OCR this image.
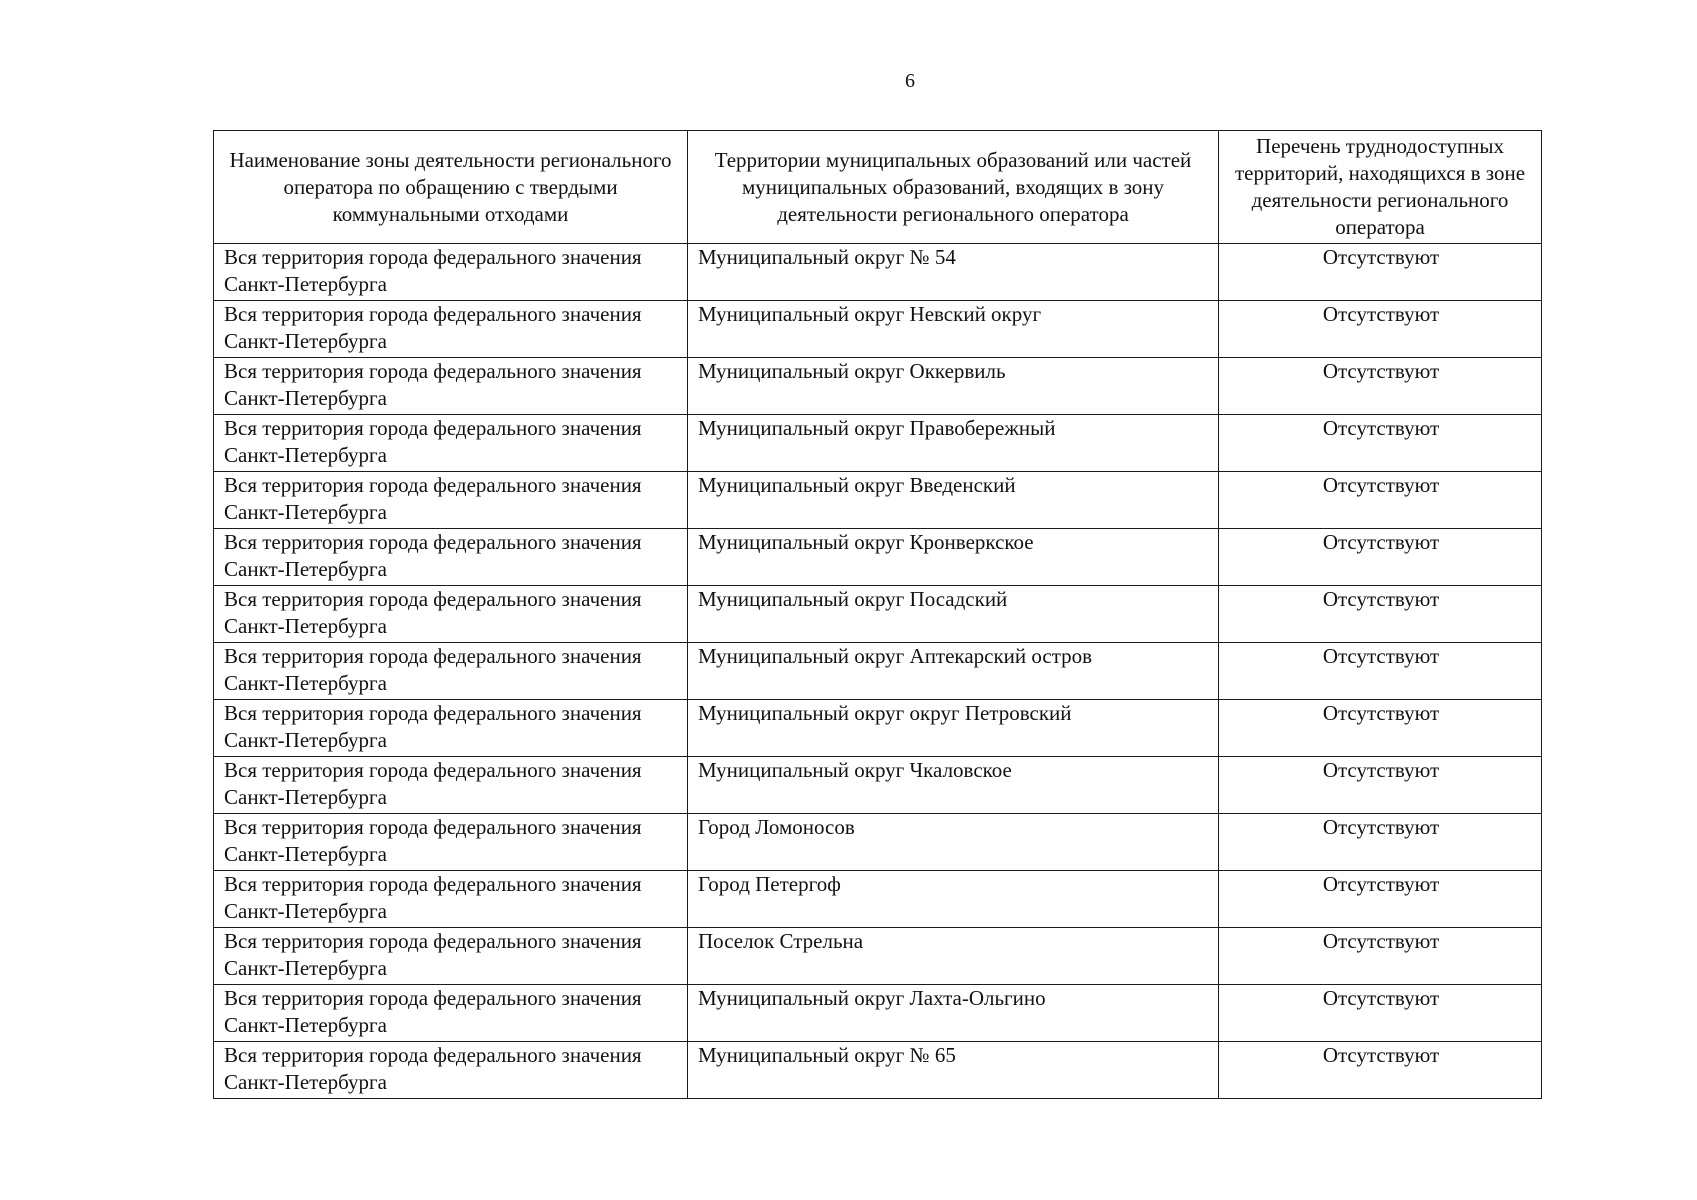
6
Наименование зоны деятельности регионального оператора по обращению с твердыми коммунальными отходами	Территории муниципальных образований или частей муниципальных образований, входящих в зону деятельности регионального оператора	Перечень труднодоступных территорий, находящихся в зоне деятельности регионального оператора
Вся территория города федерального значения Санкт-Петербурга	Муниципальный округ № 54	Отсутствуют
Вся территория города федерального значения Санкт-Петербурга	Муниципальный округ Невский округ	Отсутствуют
Вся территория города федерального значения Санкт-Петербурга	Муниципальный округ Оккервиль	Отсутствуют
Вся территория города федерального значения Санкт-Петербурга	Муниципальный округ Правобережный	Отсутствуют
Вся территория города федерального значения Санкт-Петербурга	Муниципальный округ Введенский	Отсутствуют
Вся территория города федерального значения Санкт-Петербурга	Муниципальный округ Кронверкское	Отсутствуют
Вся территория города федерального значения Санкт-Петербурга	Муниципальный округ Посадский	Отсутствуют
Вся территория города федерального значения Санкт-Петербурга	Муниципальный округ Аптекарский остров	Отсутствуют
Вся территория города федерального значения Санкт-Петербурга	Муниципальный округ округ Петровский	Отсутствуют
Вся территория города федерального значения Санкт-Петербурга	Муниципальный округ Чкаловское	Отсутствуют
Вся территория города федерального значения Санкт-Петербурга	Город Ломоносов	Отсутствуют
Вся территория города федерального значения Санкт-Петербурга	Город Петергоф	Отсутствуют
Вся территория города федерального значения Санкт-Петербурга	Поселок Стрельна	Отсутствуют
Вся территория города федерального значения Санкт-Петербурга	Муниципальный округ Лахта-Ольгино	Отсутствуют
Вся территория города федерального значения Санкт-Петербурга	Муниципальный округ № 65	Отсутствуют
